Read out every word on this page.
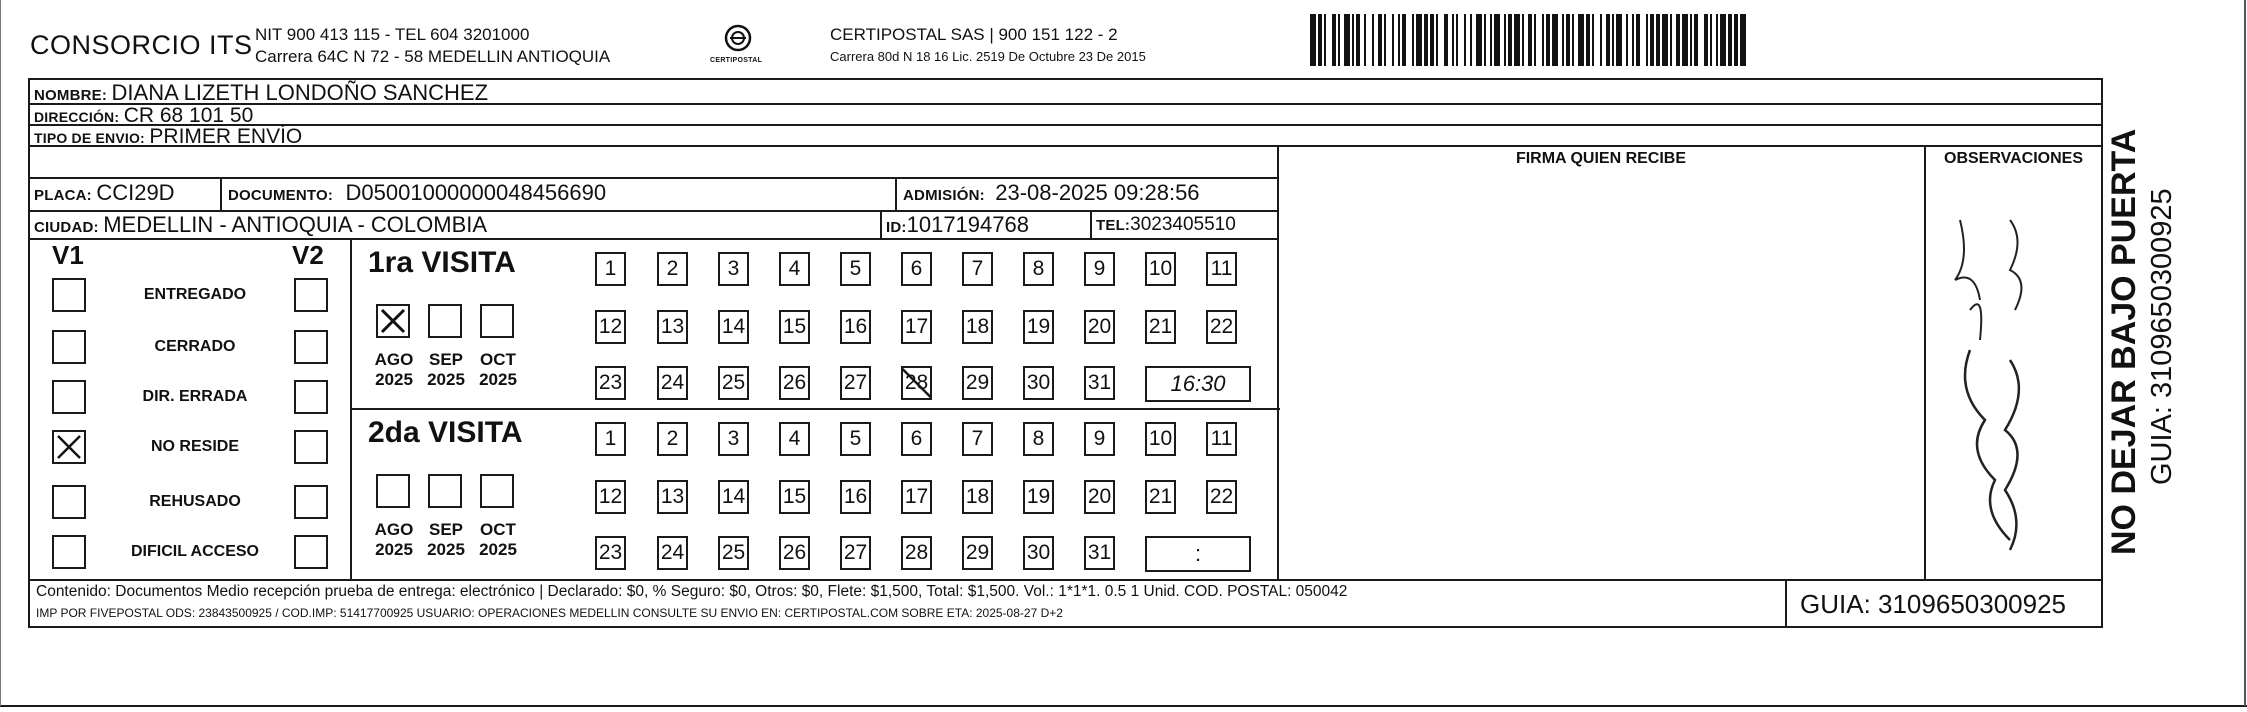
CONSORCIO ITS NIT 900 413 115 - TEL 604 3201000
Carrera 64C N 72 - 58 MEDELLIN ANTIOQUIA	CERTIPOSTAL
CERTIPOSTAL SAS | 900 151 122 - 2
Carrera 80d N 18 16 Lic. 2519 De Octubre 23 De 2015
NOMBRE: DIANA LIZETH LONDOÑO SANCHEZ
DIRECCIÓN: CR 68 101 50
TIPO DE ENVIO: PRIMER ENVÍO
FIRMA QUIEN RECIBE	OBSERVACIONES
PLACA: CCI29D	DOCUMENTO: D05001000000048456690	ADMISIÓN: 23-08-2025 09:28:56
CIUDAD: MEDELLIN - ANTIOQUIA - COLOMBIA	ID:1017194768	TEL:3023405510
V1	V2
ENTREGADO
CERRADO
DIR. ERRADA
NO RESIDE
REHUSADO
DIFICIL ACCESO
1ra VISITA
AGO
2025
SEP
2025
OCT
2025
1	2	3	4	5	6	7	8	9	10 11
12 13 14 15 16 17 18 19 20 21 22
23 24 25 26 27 28 29 30 31	16:30
2da VISITA
AGO
2025
SEP
2025
OCT
2025
1	2	3	4	5	6	7	8	9	10 11
12 13 14 15 16 17 18 19 20 21 22
23 24 25 26 27 28 29 30 31	:
Contenido: Documentos Medio recepción prueba de entrega: electrónico | Declarado: $0, % Seguro: $0, Otros: $0, Flete: $1,500, Total: $1,500. Vol.: 1*1*1. 0.5 1 Unid. COD. POSTAL: 050042
IMP POR FIVEPOSTAL ODS: 23843500925 / COD.IMP: 51417700925 USUARIO: OPERACIONES MEDELLIN CONSULTE SU ENVIO EN: CERTIPOSTAL.COM SOBRE ETA: 2025-08-27 D+2	GUIA: 3109650300925
NO DEJAR BAJO PUERTA GUIA: 3109650300925
